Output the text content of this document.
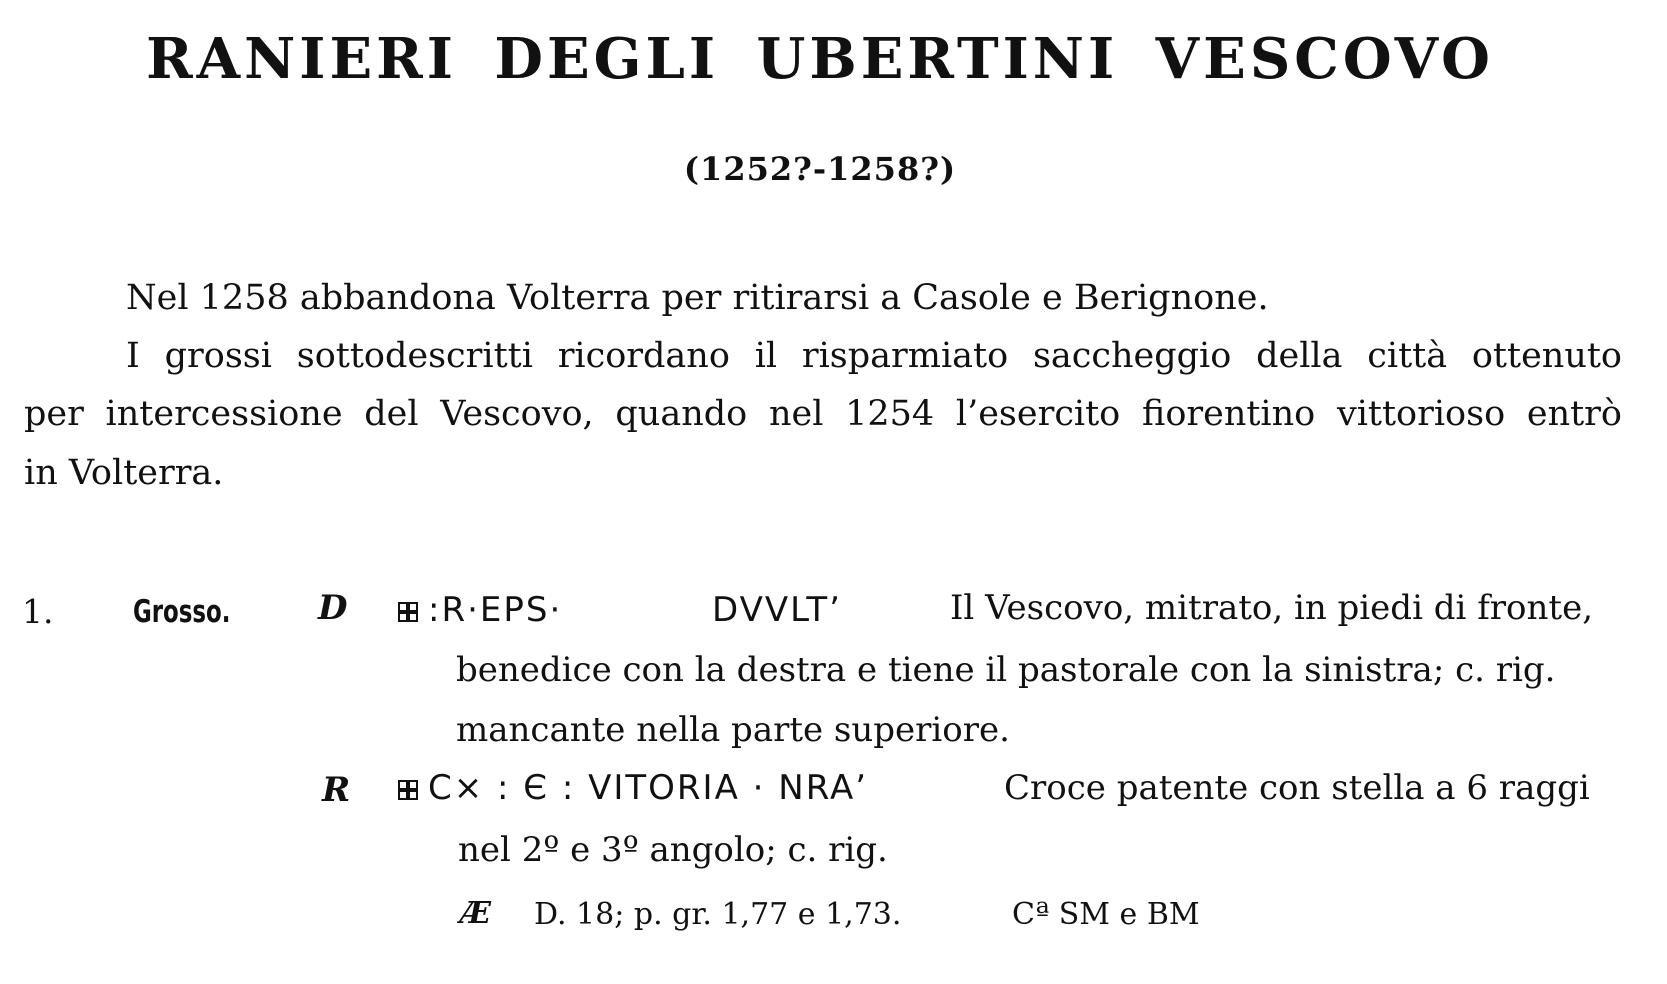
RANIERI DEGLI UBERTINI VESCOVO
(1252?-1258?)
Nel 1258 abbandona Volterra per ritirarsi a Casole e Berignone.
I grossi sottodescritti ricordano il risparmiato saccheggio della città ottenuto
per intercessione del Vescovo, quando nel 1254 l’esercito fiorentino vittorioso entrò
in Volterra.
1.	Grosso.	D	:R·EPS·	DVVLT’	Il Vescovo, mitrato, in piedi di fronte,
benedice con la destra e tiene il pastorale con la sinistra; c. rig.
mancante nella parte superiore.
R	C× : Є : VITORIA · NRA’	Croce patente con stella a 6 raggi
nel 2º e 3º angolo; c. rig.
Æ D. 18; p. gr. 1,77 e 1,73.	Cª SM e BM
